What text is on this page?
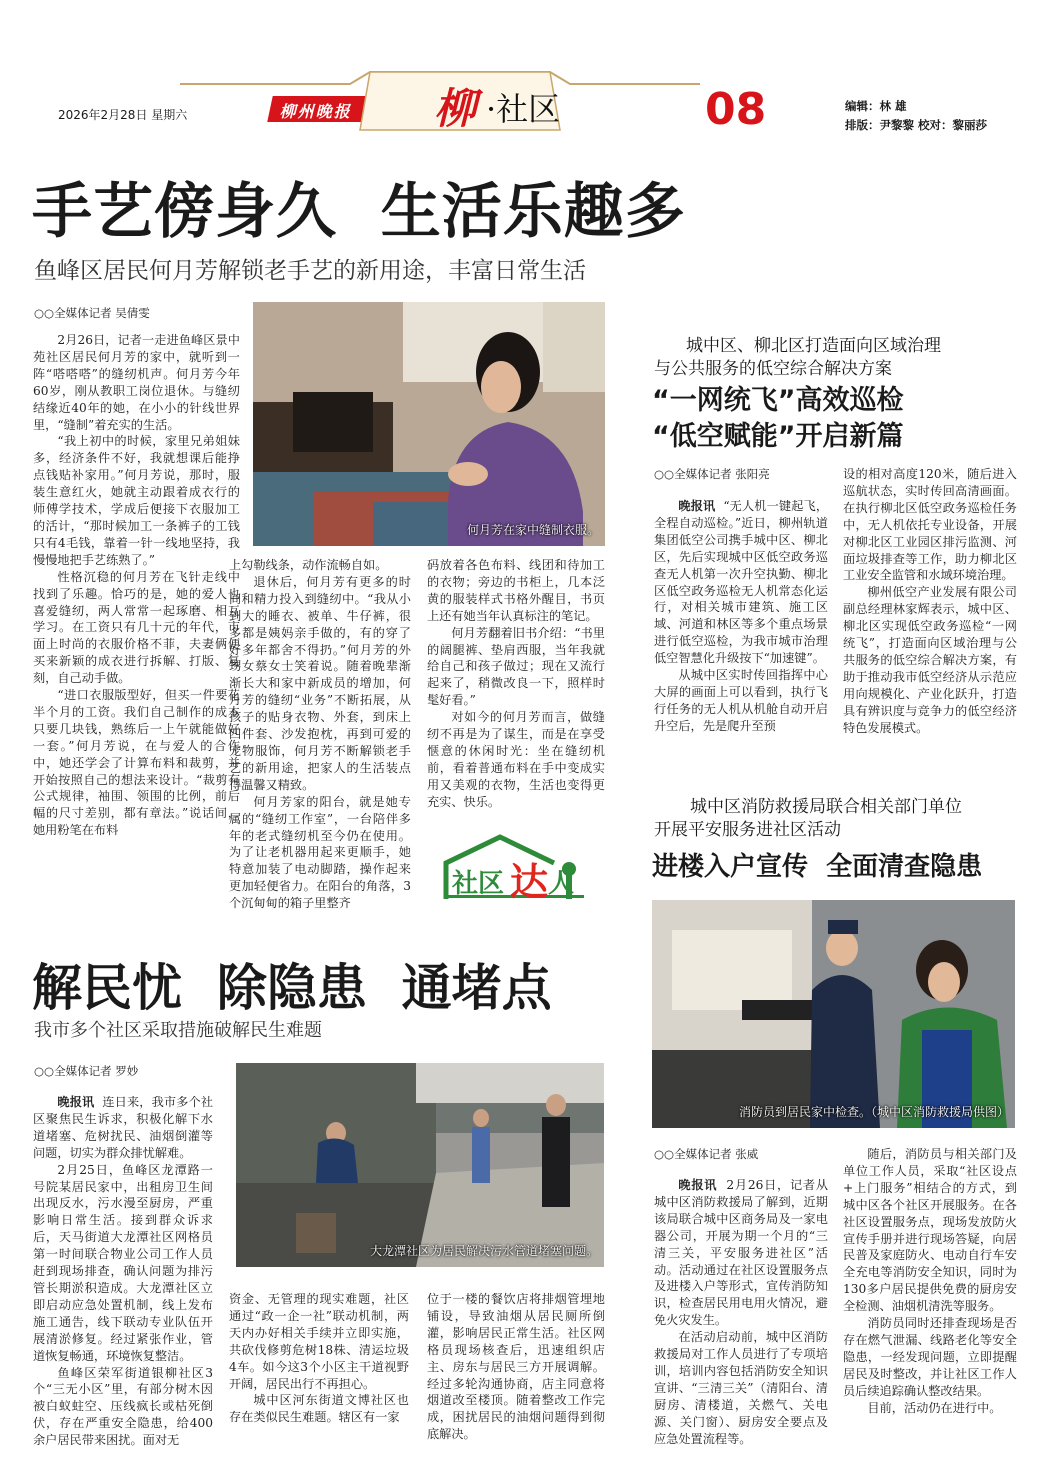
2026年2月28日 星期六	柳州晚报 柳 ·社区	08	编辑：林 雄
排版：尹黎黎 校对：黎丽莎
手艺傍身久  生活乐趣多
鱼峰区居民何月芳解锁老手艺的新用途，丰富日常生活
○○全媒体记者 吴倩雯

2月26日，记者一走进鱼峰区景中苑社区居民何月芳的家中，就听到一阵“嗒嗒嗒”的缝纫机声。何月芳今年60岁，刚从教职工岗位退休。与缝纫结缘近40年的她，在小小的针线世界里，“缝制”着充实的生活。

“我上初中的时候，家里兄弟姐妹多，经济条件不好，我就想课后能挣点钱贴补家用。”何月芳说，那时，服装生意红火，她就主动跟着成衣行的师傅学技术，学成后便接下衣服加工的活计，“那时候加工一条裤子的工钱只有4毛钱，靠着一针一线地坚持，我慢慢地把手艺练熟了。”

性格沉稳的何月芳在飞针走线中找到了乐趣。恰巧的是，她的爱人也喜爱缝纫，两人常常一起琢磨、相互学习。在工资只有几十元的年代，市面上时尚的衣服价格不菲，夫妻俩便买来新颖的成衣进行拆解、打版、复刻，自己动手做。

“进口衣服版型好，但买一件要花半个月的工资。我们自己制作的成本只要几块钱，熟练后一上午就能做好一套。”何月芳说，在与爱人的合作中，她还学会了计算布料和裁剪，并开始按照自己的想法来设计。“裁剪有公式规律，袖围、领围的比例，前后幅的尺寸差别，都有章法。”说话间，她用粉笔在布料

何月芳在家中缝制衣服。

上勾勒线条，动作流畅自如。

退休后，何月芳有更多的时间和精力投入到缝纫中。“我从小到大的睡衣、被单、牛仔裤，很多都是姨妈亲手做的，有的穿了好多年都舍不得扔。”何月芳的外甥女蔡女士笑着说。随着晚辈渐渐长大和家中新成员的增加，何月芳的缝纫“业务”不断拓展，从孩子的贴身衣物、外套，到床上四件套、沙发抱枕，再到可爱的宠物服饰，何月芳不断解锁老手艺的新用途，把家人的生活装点得温馨又精致。

何月芳家的阳台，就是她专属的“缝纫工作室”，一台陪伴多年的老式缝纫机至今仍在使用。为了让老机器用起来更顺手，她特意加装了电动脚踏，操作起来更加轻便省力。在阳台的角落，3个沉甸甸的箱子里整齐

码放着各色布料、线团和待加工的衣物；旁边的书柜上，几本泛黄的服装样式书格外醒目，书页上还有她当年认真标注的笔记。

何月芳翻着旧书介绍：“书里的阔腿裤、垫肩西服，当年我就给自己和孩子做过；现在又流行起来了，稍微改良一下，照样时髦好看。”

对如今的何月芳而言，做缝纫不再是为了谋生，而是在享受惬意的休闲时光：坐在缝纫机前，看着普通布料在手中变成实用又美观的衣物，生活也变得更充实、快乐。

社区 达 人
城中区、柳北区打造面向区域治理
与公共服务的低空综合解决方案
“一网统飞”高效巡检
“低空赋能”开启新篇
○○全媒体记者 张阳亮

晚报讯 “无人机一键起飞，全程自动巡检。”近日，柳州轨道集团低空公司携手城中区、柳北区，先后实现城中区低空政务巡查无人机第一次升空执勤、柳北区低空政务巡检无人机常态化运行，对相关城市建筑、施工区域、河道和林区等多个重点场景进行低空巡检，为我市城市治理低空智慧化升级按下“加速键”。

从城中区实时传回指挥中心大屏的画面上可以看到，执行飞行任务的无人机从机舱自动开启升空后，先是爬升至预

设的相对高度120米，随后进入巡航状态，实时传回高清画面。在执行柳北区低空政务巡检任务中，无人机依托专业设备，开展对柳北区工业园区排污监测、河面垃圾排查等工作，助力柳北区工业安全监管和水域环境治理。

柳州低空产业发展有限公司副总经理林家辉表示，城中区、柳北区实现低空政务巡检“一网统飞”，打造面向区域治理与公共服务的低空综合解决方案，有助于推动我市低空经济从示范应用向规模化、产业化跃升，打造具有辨识度与竞争力的低空经济特色发展模式。

城中区消防救援局联合相关部门单位
开展平安服务进社区活动
进楼入户宣传  全面清查隐患
消防员到居民家中检查。（城中区消防救援局供图）
○○全媒体记者 张威

晚报讯 2月26日，记者从城中区消防救援局了解到，近期该局联合城中区商务局及一家电器公司，开展为期一个月的“三清三关，平安服务进社区”活动。活动通过在社区设置服务点及进楼入户等形式，宣传消防知识，检查居民用电用火情况，避免火灾发生。

在活动启动前，城中区消防救援局对工作人员进行了专项培训，培训内容包括消防安全知识宣讲、“三清三关”（清阳台、清厨房、清楼道，关燃气、关电源、关门窗）、厨房安全要点及应急处置流程等。

随后，消防员与相关部门及单位工作人员，采取“社区设点+上门服务”相结合的方式，到城中区各个社区开展服务。在各社区设置服务点，现场发放防火宣传手册并进行现场答疑，向居民普及家庭防火、电动自行车安全充电等消防安全知识，同时为130多户居民提供免费的厨房安全检测、油烟机清洗等服务。

消防员同时还排查现场是否存在燃气泄漏、线路老化等安全隐患，一经发现问题，立即提醒居民及时整改，并让社区工作人员后续追踪确认整改结果。

目前，活动仍在进行中。

解民忧  除隐患  通堵点
我市多个社区采取措施破解民生难题
○○全媒体记者 罗妙

晚报讯 连日来，我市多个社区聚焦民生诉求，积极化解下水道堵塞、危树扰民、油烟倒灌等问题，切实为群众排忧解难。

2月25日，鱼峰区龙潭路一号院某居民家中，出租房卫生间出现反水，污水漫至厨房，严重影响日常生活。接到群众诉求后，天马街道大龙潭社区网格员第一时间联合物业公司工作人员赶到现场排查，确认问题为排污管长期淤积造成。大龙潭社区立即启动应急处置机制，线上发布施工通告，线下联动专业队伍开展清淤修复。经过紧张作业，管道恢复畅通，环境恢复整洁。

鱼峰区荣军街道银柳社区3个“三无小区”里，有部分树木因被白蚁蛀空、压线疯长或枯死倒伏，存在严重安全隐患，给400余户居民带来困扰。面对无

大龙潭社区为居民解决污水管道堵塞问题。

资金、无管理的现实难题，社区通过“政一企一社”联动机制，两天内办好相关手续并立即实施，共砍伐修剪危树18株、清运垃圾4车。如今这3个小区主干道视野开阔，居民出行不再担心。

城中区河东街道文博社区也存在类似民生难题。辖区有一家

位于一楼的餐饮店将排烟管埋地铺设，导致油烟从居民厕所倒灌，影响居民正常生活。社区网格员现场核查后，迅速组织店主、房东与居民三方开展调解。经过多轮沟通协商，店主同意将烟道改至楼顶。随着整改工作完成，困扰居民的油烟问题得到彻底解决。
